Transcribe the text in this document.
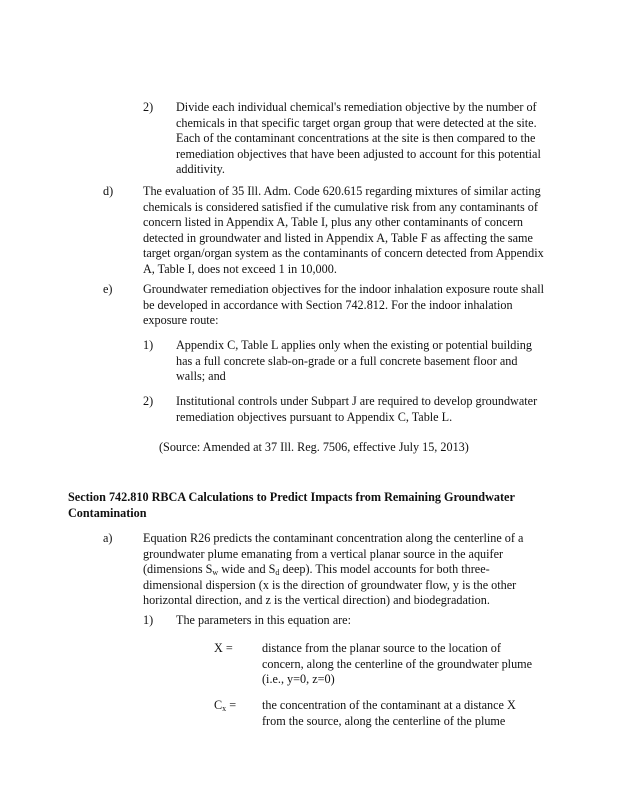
2) Divide each individual chemical's remediation objective by the number of
chemicals in that specific target organ group that were detected at the site.
Each of the contaminant concentrations at the site is then compared to the
remediation objectives that have been adjusted to account for this potential
additivity.
d) The evaluation of 35 Ill. Adm. Code 620.615 regarding mixtures of similar acting
chemicals is considered satisfied if the cumulative risk from any contaminants of
concern listed in Appendix A, Table I, plus any other contaminants of concern
detected in groundwater and listed in Appendix A, Table F as affecting the same
target organ/organ system as the contaminants of concern detected from Appendix
A, Table I, does not exceed 1 in 10,000.
e)	Groundwater remediation objectives for the indoor inhalation exposure route shall
be developed in accordance with Section 742.812. For the indoor inhalation
exposure route:
1) Appendix C, Table L applies only when the existing or potential building
has a full concrete slab-on-grade or a full concrete basement floor and
walls; and
2) Institutional controls under Subpart J are required to develop groundwater
remediation objectives pursuant to Appendix C, Table L.
(Source: Amended at 37 Ill. Reg. 7506, effective July 15, 2013)
Section 742.810 RBCA Calculations to Predict Impacts from Remaining Groundwater
Contamination
a)	Equation R26 predicts the contaminant concentration along the centerline of a
groundwater plume emanating from a vertical planar source in the aquifer
(dimensions $S_w$ wide and $S_d$ deep). This model accounts for both three-
dimensional dispersion (x is the direction of groundwater flow, y is the other
horizontal direction, and z is the vertical direction) and biodegradation.
1) The parameters in this equation are:
X = distance from the planar source to the location of
concern, along the centerline of the groundwater plume
(i.e., y=0, z=0)
$C_x$ = the concentration of the contaminant at a distance X
from the source, along the centerline of the plume
